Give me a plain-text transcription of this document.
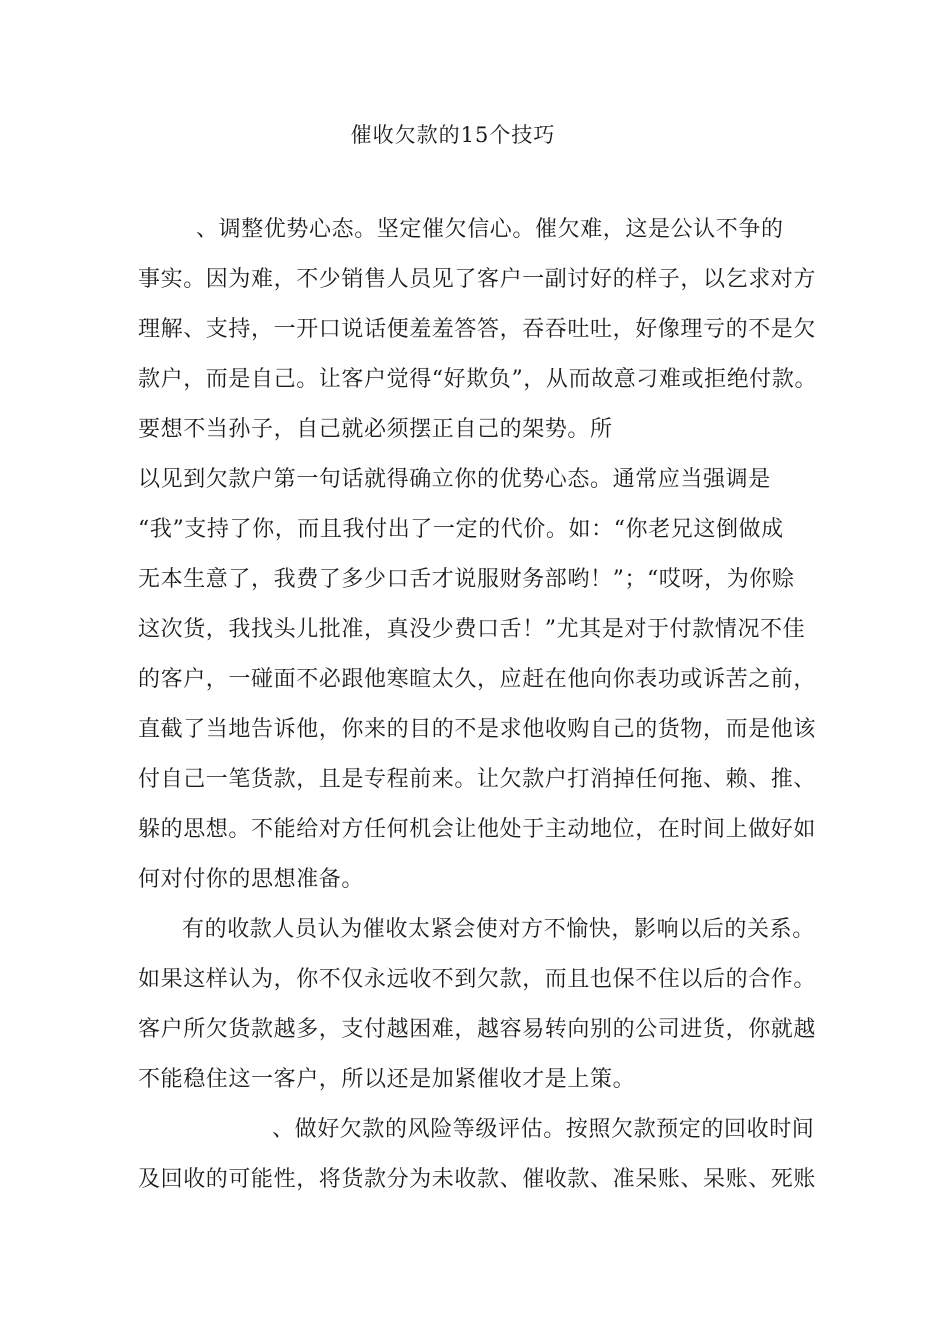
催收欠款的15个技巧
、调整优势心态。坚定催欠信心。催欠难，这是公认不争的
事实。因为难，不少销售人员见了客户一副讨好的样子，以乞求对方
理解、支持，一开口说话便羞羞答答，吞吞吐吐，好像理亏的不是欠
款户，而是自己。让客户觉得“好欺负”，从而故意刁难或拒绝付款。
要想不当孙子，自己就必须摆正自己的架势。所
以见到欠款户第一句话就得确立你的优势心态。通常应当强调是
“我”支持了你，而且我付出了一定的代价。如：“你老兄这倒做成
无本生意了，我费了多少口舌才说服财务部哟！”；“哎呀，为你赊
这次货，我找头儿批准，真没少费口舌！”尤其是对于付款情况不佳
的客户，一碰面不必跟他寒暄太久，应赶在他向你表功或诉苦之前，
直截了当地告诉他，你来的目的不是求他收购自己的货物，而是他该
付自己一笔货款，且是专程前来。让欠款户打消掉任何拖、赖、推、
躲的思想。不能给对方任何机会让他处于主动地位，在时间上做好如
何对付你的思想准备。
有的收款人员认为催收太紧会使对方不愉快，影响以后的关系。
如果这样认为，你不仅永远收不到欠款，而且也保不住以后的合作。
客户所欠货款越多，支付越困难，越容易转向别的公司进货，你就越
不能稳住这一客户，所以还是加紧催收才是上策。
、做好欠款的风险等级评估。按照欠款预定的回收时间
及回收的可能性，将货款分为未收款、催收款、准呆账、呆账、死账
